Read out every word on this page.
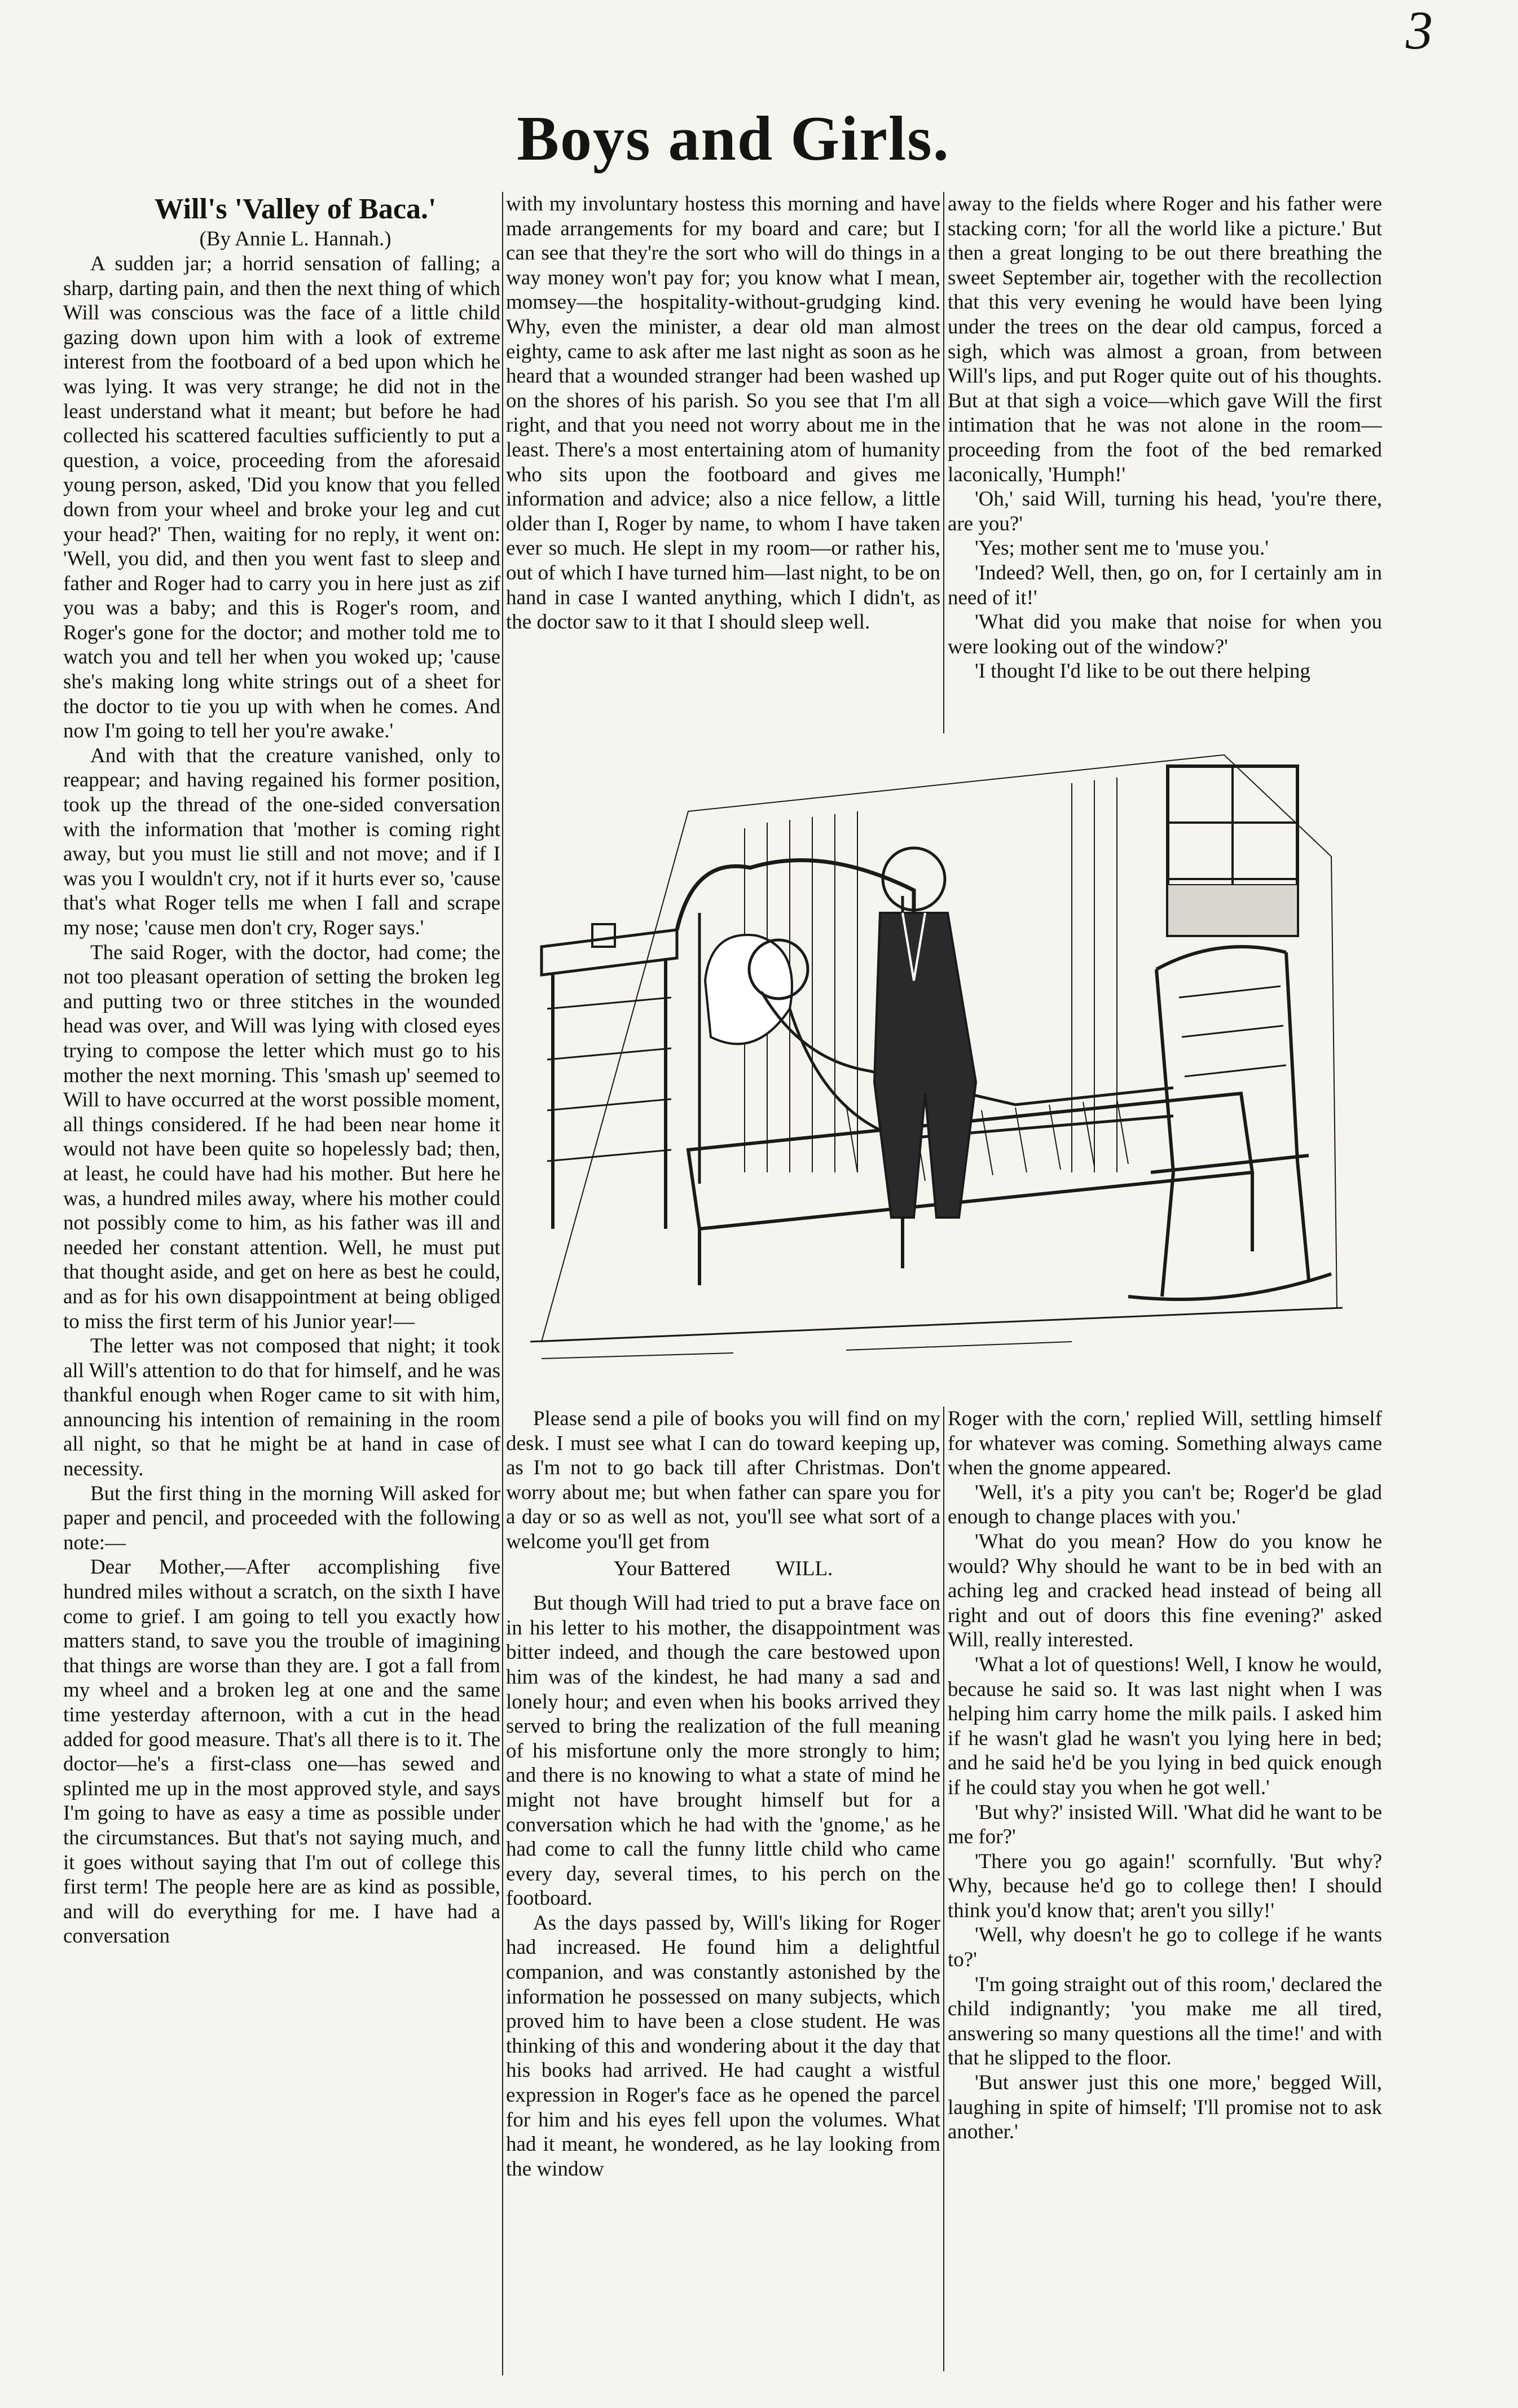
3
Boys and Girls.

Will's 'Valley of Baca.'

(By Annie L. Hannah.)

A sudden jar; a horrid sensation of falling; a sharp, darting pain, and then the next thing of which Will was conscious was the face of a little child gazing down upon him with a look of extreme interest from the footboard of a bed upon which he was lying. It was very strange; he did not in the least understand what it meant; but before he had collected his scattered faculties sufficiently to put a question, a voice, proceeding from the aforesaid young person, asked, 'Did you know that you felled down from your wheel and broke your leg and cut your head?' Then, waiting for no reply, it went on: 'Well, you did, and then you went fast to sleep and father and Roger had to carry you in here just as zif you was a baby; and this is Roger's room, and Roger's gone for the doctor; and mother told me to watch you and tell her when you woked up; 'cause she's making long white strings out of a sheet for the doctor to tie you up with when he comes. And now I'm going to tell her you're awake.'

And with that the creature vanished, only to reappear; and having regained his former position, took up the thread of the one-sided conversation with the information that 'mother is coming right away, but you must lie still and not move; and if I was you I wouldn't cry, not if it hurts ever so, 'cause that's what Roger tells me when I fall and scrape my nose; 'cause men don't cry, Roger says.'

The said Roger, with the doctor, had come; the not too pleasant operation of setting the broken leg and putting two or three stitches in the wounded head was over, and Will was lying with closed eyes trying to compose the letter which must go to his mother the next morning. This 'smash up' seemed to Will to have occurred at the worst possible moment, all things considered. If he had been near home it would not have been quite so hopelessly bad; then, at least, he could have had his mother. But here he was, a hundred miles away, where his mother could not possibly come to him, as his father was ill and needed her constant attention. Well, he must put that thought aside, and get on here as best he could, and as for his own disappointment at being obliged to miss the first term of his Junior year!—

The letter was not composed that night; it took all Will's attention to do that for himself, and he was thankful enough when Roger came to sit with him, announcing his intention of remaining in the room all night, so that he might be at hand in case of necessity.

But the first thing in the morning Will asked for paper and pencil, and proceeded with the following note:—

Dear Mother,—After accomplishing five hundred miles without a scratch, on the sixth I have come to grief. I am going to tell you exactly how matters stand, to save you the trouble of imagining that things are worse than they are. I got a fall from my wheel and a broken leg at one and the same time yesterday afternoon, with a cut in the head added for good measure. That's all there is to it. The doctor—he's a first-class one—has sewed and splinted me up in the most approved style, and says I'm going to have as easy a time as possible under the circumstances. But that's not saying much, and it goes without saying that I'm out of college this first term! The people here are as kind as possible, and will do everything for me. I have had a conversation

with my involuntary hostess this morning and have made arrangements for my board and care; but I can see that they're the sort who will do things in a way money won't pay for; you know what I mean, momsey—the hospitality-without-grudging kind. Why, even the minister, a dear old man almost eighty, came to ask after me last night as soon as he heard that a wounded stranger had been washed up on the shores of his parish. So you see that I'm all right, and that you need not worry about me in the least. There's a most entertaining atom of humanity who sits upon the footboard and gives me information and advice; also a nice fellow, a little older than I, Roger by name, to whom I have taken ever so much. He slept in my room—or rather his, out of which I have turned him—last night, to be on hand in case I wanted anything, which I didn't, as the doctor saw to it that I should sleep well.

away to the fields where Roger and his father were stacking corn; 'for all the world like a picture.' But then a great longing to be out there breathing the sweet September air, together with the recollection that this very evening he would have been lying under the trees on the dear old campus, forced a sigh, which was almost a groan, from between Will's lips, and put Roger quite out of his thoughts. But at that sigh a voice—which gave Will the first intimation that he was not alone in the room—proceeding from the foot of the bed remarked laconically, 'Humph!'

'Oh,' said Will, turning his head, 'you're there, are you?'

'Yes; mother sent me to 'muse you.'

'Indeed? Well, then, go on, for I certainly am in need of it!'

'What did you make that noise for when you were looking out of the window?'

'I thought I'd like to be out there helping

Please send a pile of books you will find on my desk. I must see what I can do toward keeping up, as I'm not to go back till after Christmas. Don't worry about me; but when father can spare you for a day or so as well as not, you'll see what sort of a welcome you'll get from

Your Battered WILL.

But though Will had tried to put a brave face on in his letter to his mother, the disappointment was bitter indeed, and though the care bestowed upon him was of the kindest, he had many a sad and lonely hour; and even when his books arrived they served to bring the realization of the full meaning of his misfortune only the more strongly to him; and there is no knowing to what a state of mind he might not have brought himself but for a conversation which he had with the 'gnome,' as he had come to call the funny little child who came every day, several times, to his perch on the footboard.

As the days passed by, Will's liking for Roger had increased. He found him a delightful companion, and was constantly astonished by the information he possessed on many subjects, which proved him to have been a close student. He was thinking of this and wondering about it the day that his books had arrived. He had caught a wistful expression in Roger's face as he opened the parcel for him and his eyes fell upon the volumes. What had it meant, he wondered, as he lay looking from the window

Roger with the corn,' replied Will, settling himself for whatever was coming. Something always came when the gnome appeared.

'Well, it's a pity you can't be; Roger'd be glad enough to change places with you.'

'What do you mean? How do you know he would? Why should he want to be in bed with an aching leg and cracked head instead of being all right and out of doors this fine evening?' asked Will, really interested.

'What a lot of questions! Well, I know he would, because he said so. It was last night when I was helping him carry home the milk pails. I asked him if he wasn't glad he wasn't you lying here in bed; and he said he'd be you lying in bed quick enough if he could stay you when he got well.'

'But why?' insisted Will. 'What did he want to be me for?'

'There you go again!' scornfully. 'But why? Why, because he'd go to college then! I should think you'd know that; aren't you silly!'

'Well, why doesn't he go to college if he wants to?'

'I'm going straight out of this room,' declared the child indignantly; 'you make me all tired, answering so many questions all the time!' and with that he slipped to the floor.

'But answer just this one more,' begged Will, laughing in spite of himself; 'I'll promise not to ask another.'
